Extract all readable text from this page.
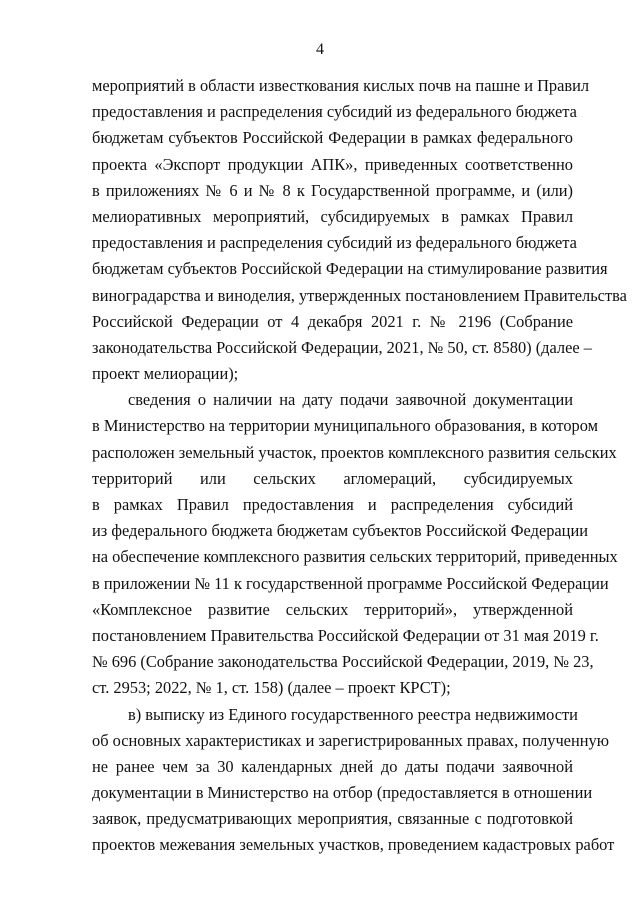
4
мероприятий в области известкования кислых почв на пашне и Правил
предоставления и распределения субсидий из федерального бюджета
бюджетам субъектов Российской Федерации в рамках федерального
проекта «Экспорт продукции АПК», приведенных соответственно
в приложениях № 6 и № 8 к Государственной программе, и (или)
мелиоративных мероприятий, субсидируемых в рамках Правил
предоставления и распределения субсидий из федерального бюджета
бюджетам субъектов Российской Федерации на стимулирование развития
виноградарства и виноделия, утвержденных постановлением Правительства
Российской Федерации от 4 декабря 2021 г. № 2196 (Собрание
законодательства Российской Федерации, 2021, № 50, ст. 8580) (далее –
проект мелиорации);
сведения о наличии на дату подачи заявочной документации
в Министерство на территории муниципального образования, в котором
расположен земельный участок, проектов комплексного развития сельских
территорий или сельских агломераций, субсидируемых
в рамках Правил предоставления и распределения субсидий
из федерального бюджета бюджетам субъектов Российской Федерации
на обеспечение комплексного развития сельских территорий, приведенных
в приложении № 11 к государственной программе Российской Федерации
«Комплексное развитие сельских территорий», утвержденной
постановлением Правительства Российской Федерации от 31 мая 2019 г.
№ 696 (Собрание законодательства Российской Федерации, 2019, № 23,
ст. 2953; 2022, № 1, ст. 158) (далее – проект КРСТ);
в) выписку из Единого государственного реестра недвижимости
об основных характеристиках и зарегистрированных правах, полученную
не ранее чем за 30 календарных дней до даты подачи заявочной
документации в Министерство на отбор (предоставляется в отношении
заявок, предусматривающих мероприятия, связанные с подготовкой
проектов межевания земельных участков, проведением кадастровых работ
